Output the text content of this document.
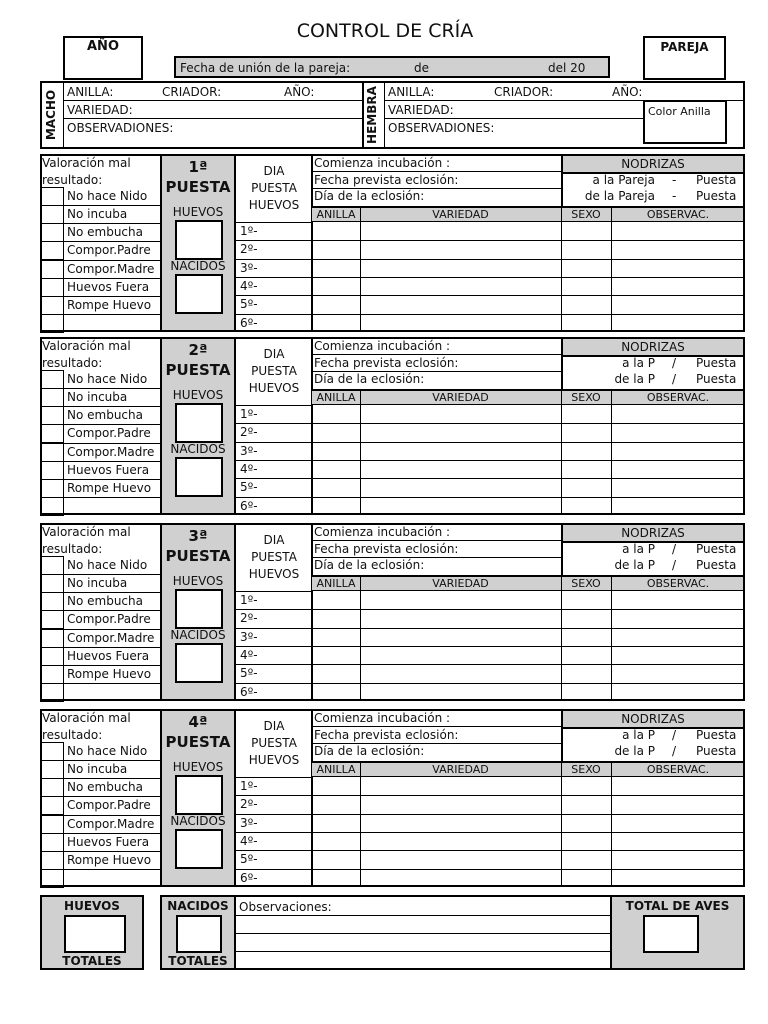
AÑO
CONTROL DE CRÍA
PAREJA
Fecha de unión de la pareja:	de	del 20
MACHO	HEMBRA
ANILLA:	CRIADOR:	AÑO:
VARIEDAD:
OBSERVADIONES:
ANILLA:	CRIADOR:	AÑO:
VARIEDAD:
OBSERVADIONES:
Color Anilla
Valoración mal
resultado:
No hace Nido
No incuba
No embucha
Compor.Padre
Compor.Madre
Huevos Fuera
Rompe Huevo
1ª
PUESTA
HUEVOS
NACIDOS
DIA
PUESTA
HUEVOS
1º-
2º-
3º-
4º-
5º-
6º-
Comienza incubación :
Fecha prevista eclosión:
Día de la eclosión:
NODRIZAS
a la Pareja - Puesta
de la Pareja - Puesta
ANILLA	VARIEDAD	SEXO	OBSERVAC.
Valoración mal
resultado:
No hace Nido
No incuba
No embucha
Compor.Padre
Compor.Madre
Huevos Fuera
Rompe Huevo
2ª
PUESTA
HUEVOS
NACIDOS
DIA
PUESTA
HUEVOS
1º-
2º-
3º-
4º-
5º-
6º-
Comienza incubación :
Fecha prevista eclosión:
Día de la eclosión:
NODRIZAS
a la P / Puesta
de la P / Puesta
ANILLA	VARIEDAD	SEXO	OBSERVAC.
Valoración mal
resultado:
No hace Nido
No incuba
No embucha
Compor.Padre
Compor.Madre
Huevos Fuera
Rompe Huevo
3ª
PUESTA
HUEVOS
NACIDOS
DIA
PUESTA
HUEVOS
1º-
2º-
3º-
4º-
5º-
6º-
Comienza incubación :
Fecha prevista eclosión:
Día de la eclosión:
NODRIZAS
a la P / Puesta
de la P / Puesta
ANILLA	VARIEDAD	SEXO	OBSERVAC.
Valoración mal
resultado:
No hace Nido
No incuba
No embucha
Compor.Padre
Compor.Madre
Huevos Fuera
Rompe Huevo
4ª
PUESTA
HUEVOS
NACIDOS
DIA
PUESTA
HUEVOS
1º-
2º-
3º-
4º-
5º-
6º-
Comienza incubación :
Fecha prevista eclosión:
Día de la eclosión:
NODRIZAS
a la P / Puesta
de la P / Puesta
ANILLA	VARIEDAD	SEXO	OBSERVAC.
HUEVOS
TOTALES
NACIDOS
TOTALES
Observaciones:	TOTAL DE AVES
